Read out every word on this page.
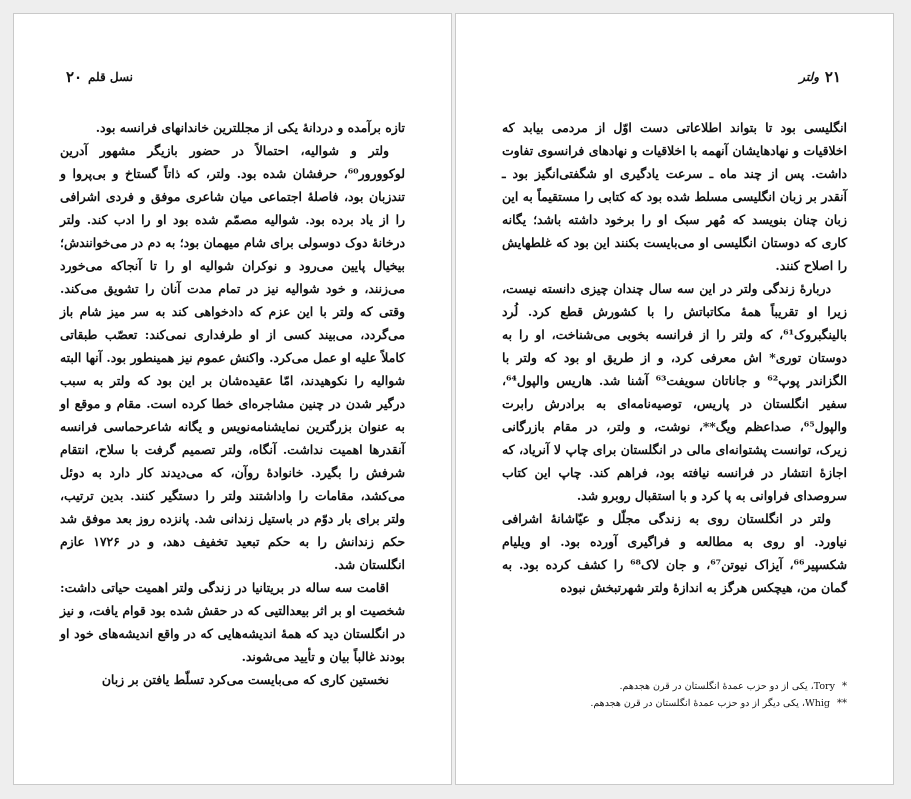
۲۰ نسل قلم

تازه برآمده و دردانهٔ یکی از مجللترین خاندانهای فرانسه بود.

ولتر و شوالیه، احتمالاً در حضور بازیگر مشهور آدرین لوکوورور⁶⁰، حرفشان شده بود. ولتر، که ذاتاً گستاخ و بی‌پروا و تندزبان بود، فاصلهٔ اجتماعی میان شاعری موفق و فردی اشرافی را از یاد برده بود. شوالیه مصمّم شده بود او را ادب کند. ولتر درخانهٔ دوک دوسولی برای شام میهمان بود؛ به دم در می‌خوانندش؛ بیخیال پایین می‌رود و نوکران شوالیه او را تا آنجاکه می‌خورد می‌زنند، و خود شوالیه نیز در تمام مدت آنان را تشویق می‌کند. وقتی که ولتر با این عزم که دادخواهی کند به سر میز شام باز می‌گردد، می‌بیند کسی از او طرفداری نمی‌کند: تعصّب طبقاتی کاملاً علیه او عمل می‌کرد. واکنش عموم نیز همینطور بود. آنها البته شوالیه را نکوهیدند، امّا عقیده‌شان بر این بود که ولتر به سبب درگیر شدن در چنین مشاجره‌ای خطا کرده است. مقام و موقع او به عنوان بزرگترین نمایشنامه‌نویس و یگانه شاعرحماسی فرانسه آنقدرها اهمیت نداشت. آنگاه، ولتر تصمیم گرفت با سلاح، انتقام شرفش را بگیرد. خانوادهٔ روآن، که می‌دیدند کار دارد به دوئل می‌کشد، مقامات را واداشتند ولتر را دستگیر کنند. بدین ترتیب، ولتر برای بار دوّم در باستیل زندانی شد. پانزده روز بعد موفق شد حکم زندانش را به حکم تبعید تخفیف دهد، و در ۱۷۲۶ عازم انگلستان شد.

اقامت سه ساله در بریتانیا در زندگی ولتر اهمیت حیاتی داشت: شخصیت او بر اثر بیعدالتیی که در حقش شده بود قوام یافت، و نیز در انگلستان دید که همهٔ اندیشه‌هایی که در واقع اندیشه‌های خود او بودند غالباً بیان و تأیید می‌شوند.

نخستین کاری که می‌بایست می‌کرد تسلّط یافتن بر زبان

۲۱
ولتر

انگلیسی بود تا بتواند اطلاعاتی دست اوّل از مردمی بیابد که اخلاقیات و نهادهایشان آنهمه با اخلاقیات و نهادهای فرانسوی تفاوت داشت. پس از چند ماه ـ سرعت یادگیری او شگفتی‌انگیز بود ـ آنقدر بر زبان انگلیسی مسلط شده بود که کتابی را مستقیماً به این زبان چنان بنویسد که مُهر سبک او را برخود داشته باشد؛ یگانه کاری که دوستان انگلیسی او می‌بایست بکنند این بود که غلطهایش را اصلاح کنند.

دربارهٔ زندگی ولتر در این سه سال چندان چیزی دانسته نیست، زیرا او تقریباً همهٔ مکاتباتش را با کشورش قطع کرد. لُرد بالینگبروک⁶¹، که ولتر را از فرانسه بخوبی می‌شناخت، او را به دوستان توری* اش معرفی کرد، و از طریق او بود که ولتر با الگزاندر پوپ⁶² و جاناتان سویفت⁶³ آشنا شد. هاریس والپول⁶⁴، سفیر انگلستان در پاریس، توصیه‌نامه‌ای به برادرش رابرت والپول⁶⁵، صداعظم ویگ**، نوشت، و ولتر، در مقام بازرگانی زیرک، توانست پشتوانه‌ای مالی در انگلستان برای چاپ لا آنریاد، که اجازهٔ انتشار در فرانسه نیافته بود، فراهم کند. چاپ این کتاب سروصدای فراوانی به پا کرد و با استقبال روبرو شد.

ولتر در انگلستان روی به زندگی مجلّل و عیّاشانهٔ اشرافی نیاورد. او روی به مطالعه و فراگیری آورده بود. او ویلیام شکسپیر⁶⁶، آیزاک نیوتن⁶⁷، و جان لاک⁶⁸ را کشف کرده بود. به گمان من، هیچکس هرگز به اندازهٔ ولتر شهرتبخش نبوده

* Tory، یکی از دو حزب عمدهٔ انگلستان در قرن هجدهم.

** Whig، یکی دیگر از دو حزب عمدهٔ انگلستان در قرن هجدهم.
